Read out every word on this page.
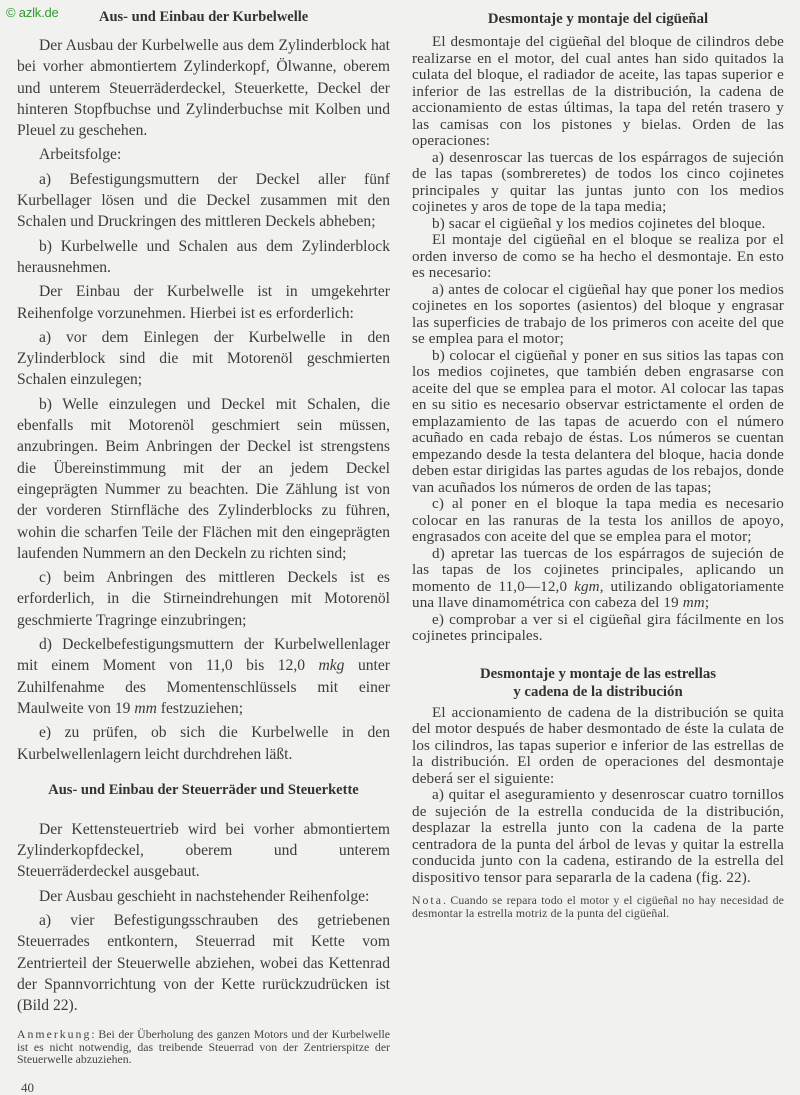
© azlk.de	Aus- und Einbau der Kurbelwelle

Der Ausbau der Kurbelwelle aus dem Zylinderblock hat bei vorher abmontiertem Zylinderkopf, Ölwanne, oberem und unterem Steuerräderdeckel, Steuerkette, Deckel der hinteren Stopfbuchse und Zylinderbuchse mit Kolben und Pleuel zu geschehen.

Arbeitsfolge:

a) Befestigungsmuttern der Deckel aller fünf Kurbellager lösen und die Deckel zusammen mit den Schalen und Druckringen des mittleren Deckels abheben;

b) Kurbelwelle und Schalen aus dem Zylinderblock herausnehmen.

Der Einbau der Kurbelwelle ist in umgekehrter Reihenfolge vorzunehmen. Hierbei ist es erforderlich:

a) vor dem Einlegen der Kurbelwelle in den Zylinderblock sind die mit Motorenöl geschmierten Schalen einzulegen;

b) Welle einzulegen und Deckel mit Schalen, die ebenfalls mit Motorenöl geschmiert sein müssen, anzubringen. Beim Anbringen der Deckel ist strengstens die Übereinstimmung mit der an jedem Deckel eingeprägten Nummer zu beachten. Die Zählung ist von der vorderen Stirnfläche des Zylinderblocks zu führen, wohin die scharfen Teile der Flächen mit den eingeprägten laufenden Nummern an den Deckeln zu richten sind;

c) beim Anbringen des mittleren Deckels ist es erforderlich, in die Stirneindrehungen mit Motorenöl geschmierte Tragringe einzubringen;

d) Deckelbefestigungsmuttern der Kurbelwellenlager mit einem Moment von 11,0 bis 12,0 mkg unter Zuhilfenahme des Momentenschlüssels mit einer Maulweite von 19 mm festzuziehen;

e) zu prüfen, ob sich die Kurbelwelle in den Kurbelwellenlagern leicht durchdrehen läßt.

Aus- und Einbau der Steuerräder und Steuerkette

Der Kettensteuertrieb wird bei vorher abmontiertem Zylinderkopfdeckel, oberem und unterem Steuerräderdeckel ausgebaut.

Der Ausbau geschieht in nachstehender Reihenfolge:

a) vier Befestigungsschrauben des getriebenen Steuerrades entkontern, Steuerrad mit Kette vom Zentrierteil der Steuerwelle abziehen, wobei das Kettenrad der Spannvorrichtung von der Kette rurückzudrücken ist (Bild 22).

Anmerkung: Bei der Überholung des ganzen Motors und der Kurbelwelle ist es nicht notwendig, das treibende Steuerrad von der Zentrierspitze der Steuerwelle abzuziehen.

40
Desmontaje y montaje del cigüeñal

El desmontaje del cigüeñal del bloque de cilindros debe realizarse en el motor, del cual antes han sido quitados la culata del bloque, el radiador de aceite, las tapas superior e inferior de las estrellas de la distribución, la cadena de accionamiento de estas últimas, la tapa del retén trasero y las camisas con los pistones y bielas. Orden de las operaciones:

a) desenroscar las tuercas de los espárragos de sujeción de las tapas (sombreretes) de todos los cinco cojinetes principales y quitar las juntas junto con los medios cojinetes y aros de tope de la tapa media;

b) sacar el cigüeñal y los medios cojinetes del bloque.

El montaje del cigüeñal en el bloque se realiza por el orden inverso de como se ha hecho el desmontaje. En esto es necesario:

a) antes de colocar el cigüeñal hay que poner los medios cojinetes en los soportes (asientos) del bloque y engrasar las superficies de trabajo de los primeros con aceite del que se emplea para el motor;

b) colocar el cigüeñal y poner en sus sitios las tapas con los medios cojinetes, que también deben engrasarse con aceite del que se emplea para el motor. Al colocar las tapas en su sitio es necesario observar estrictamente el orden de emplazamiento de las tapas de acuerdo con el número acuñado en cada rebajo de éstas. Los números se cuentan empezando desde la testa delantera del bloque, hacia donde deben estar dirigidas las partes agudas de los rebajos, donde van acuñados los números de orden de las tapas;

c) al poner en el bloque la tapa media es necesario colocar en las ranuras de la testa los anillos de apoyo, engrasados con aceite del que se emplea para el motor;

d) apretar las tuercas de los espárragos de sujeción de las tapas de los cojinetes principales, aplicando un momento de 11,0—12,0 kgm, utilizando obligatoriamente una llave dinamométrica con cabeza del 19 mm;

e) comprobar a ver si el cigüeñal gira fácilmente en los cojinetes principales.

Desmontaje y montaje de las estrellas
y cadena de la distribución

El accionamiento de cadena de la distribución se quita del motor después de haber desmontado de éste la culata de los cilindros, las tapas superior e inferior de las estrellas de la distribución. El orden de operaciones del desmontaje deberá ser el siguiente:

a) quitar el aseguramiento y desenroscar cuatro tornillos de sujeción de la estrella conducida de la distribución, desplazar la estrella junto con la cadena de la parte centradora de la punta del árbol de levas y quitar la estrella conducida junto con la cadena, estirando de la estrella del dispositivo tensor para separarla de la cadena (fig. 22).

Nota. Cuando se repara todo el motor y el cigüeñal no hay necesidad de desmontar la estrella motriz de la punta del cigüeñal.
